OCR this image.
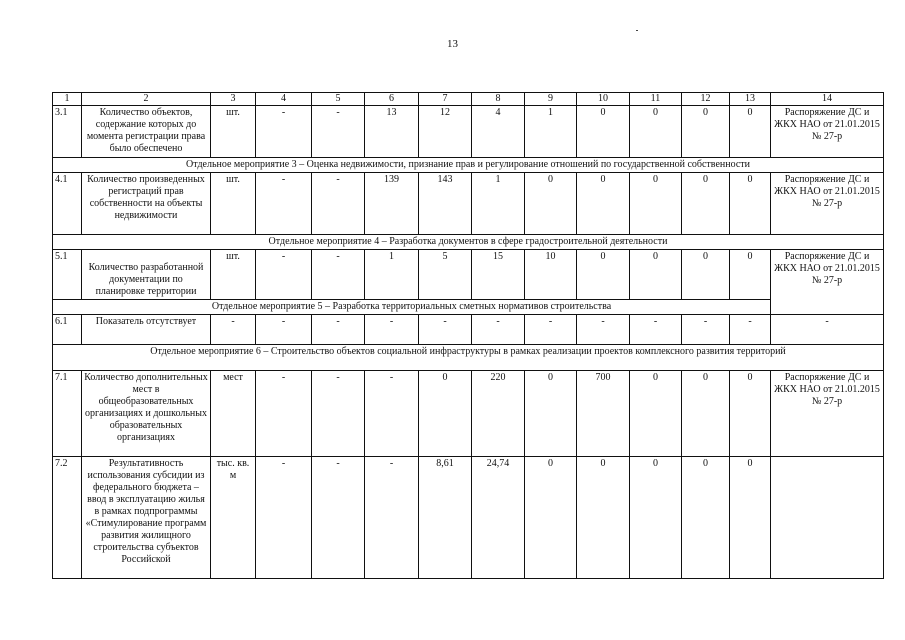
13
1	2	3	4	5	6	7	8	9	10	11	12	13	14
3.1	Количество объектов, содержание которых до момента регистрации права было обеспечено	шт.	-	-	13	12	4	1	0	0	0	0	Распоряжение ДС и ЖКХ НАО от 21.01.2015 № 27-р
Отдельное мероприятие 3 – Оценка недвижимости, признание прав и регулирование отношений по государственной собственности													
4.1	Количество произведенных регистраций прав собственности на объекты недвижимости	шт.	-	-	139	143	1	0	0	0	0	0	Распоряжение ДС и ЖКХ НАО от 21.01.2015 № 27-р
Отдельное мероприятие 4 – Разработка документов в сфере градостроительной деятельности													
5.1	Количество разработанной документации по планировке территории	шт.	-	-	1	5	15	10	0	0	0	0	Распоряжение ДС и ЖКХ НАО от 21.01.2015 № 27-р
Отдельное мероприятие 5 – Разработка территориальных сметных нормативов строительства													
6.1	Показатель отсутствует	-	-	-	-	-	-	-	-	-	-	-	-
Отдельное мероприятие 6 – Строительство объектов социальной инфраструктуры в рамках реализации проектов комплексного развития территорий													
7.1	Количество дополнительных мест в общеобразовательных организациях и дошкольных образовательных организациях	мест	-	-	-	0	220	0	700	0	0	0	Распоряжение ДС и ЖКХ НАО от 21.01.2015 № 27-р
7.2	Результативность использования субсидии из федерального бюджета – ввод в эксплуатацию жилья в рамках подпрограммы «Стимулирование программ развития жилищного строительства субъектов Российской	тыс. кв. м	-	-	-	8,61	24,74	0	0	0	0	0	
